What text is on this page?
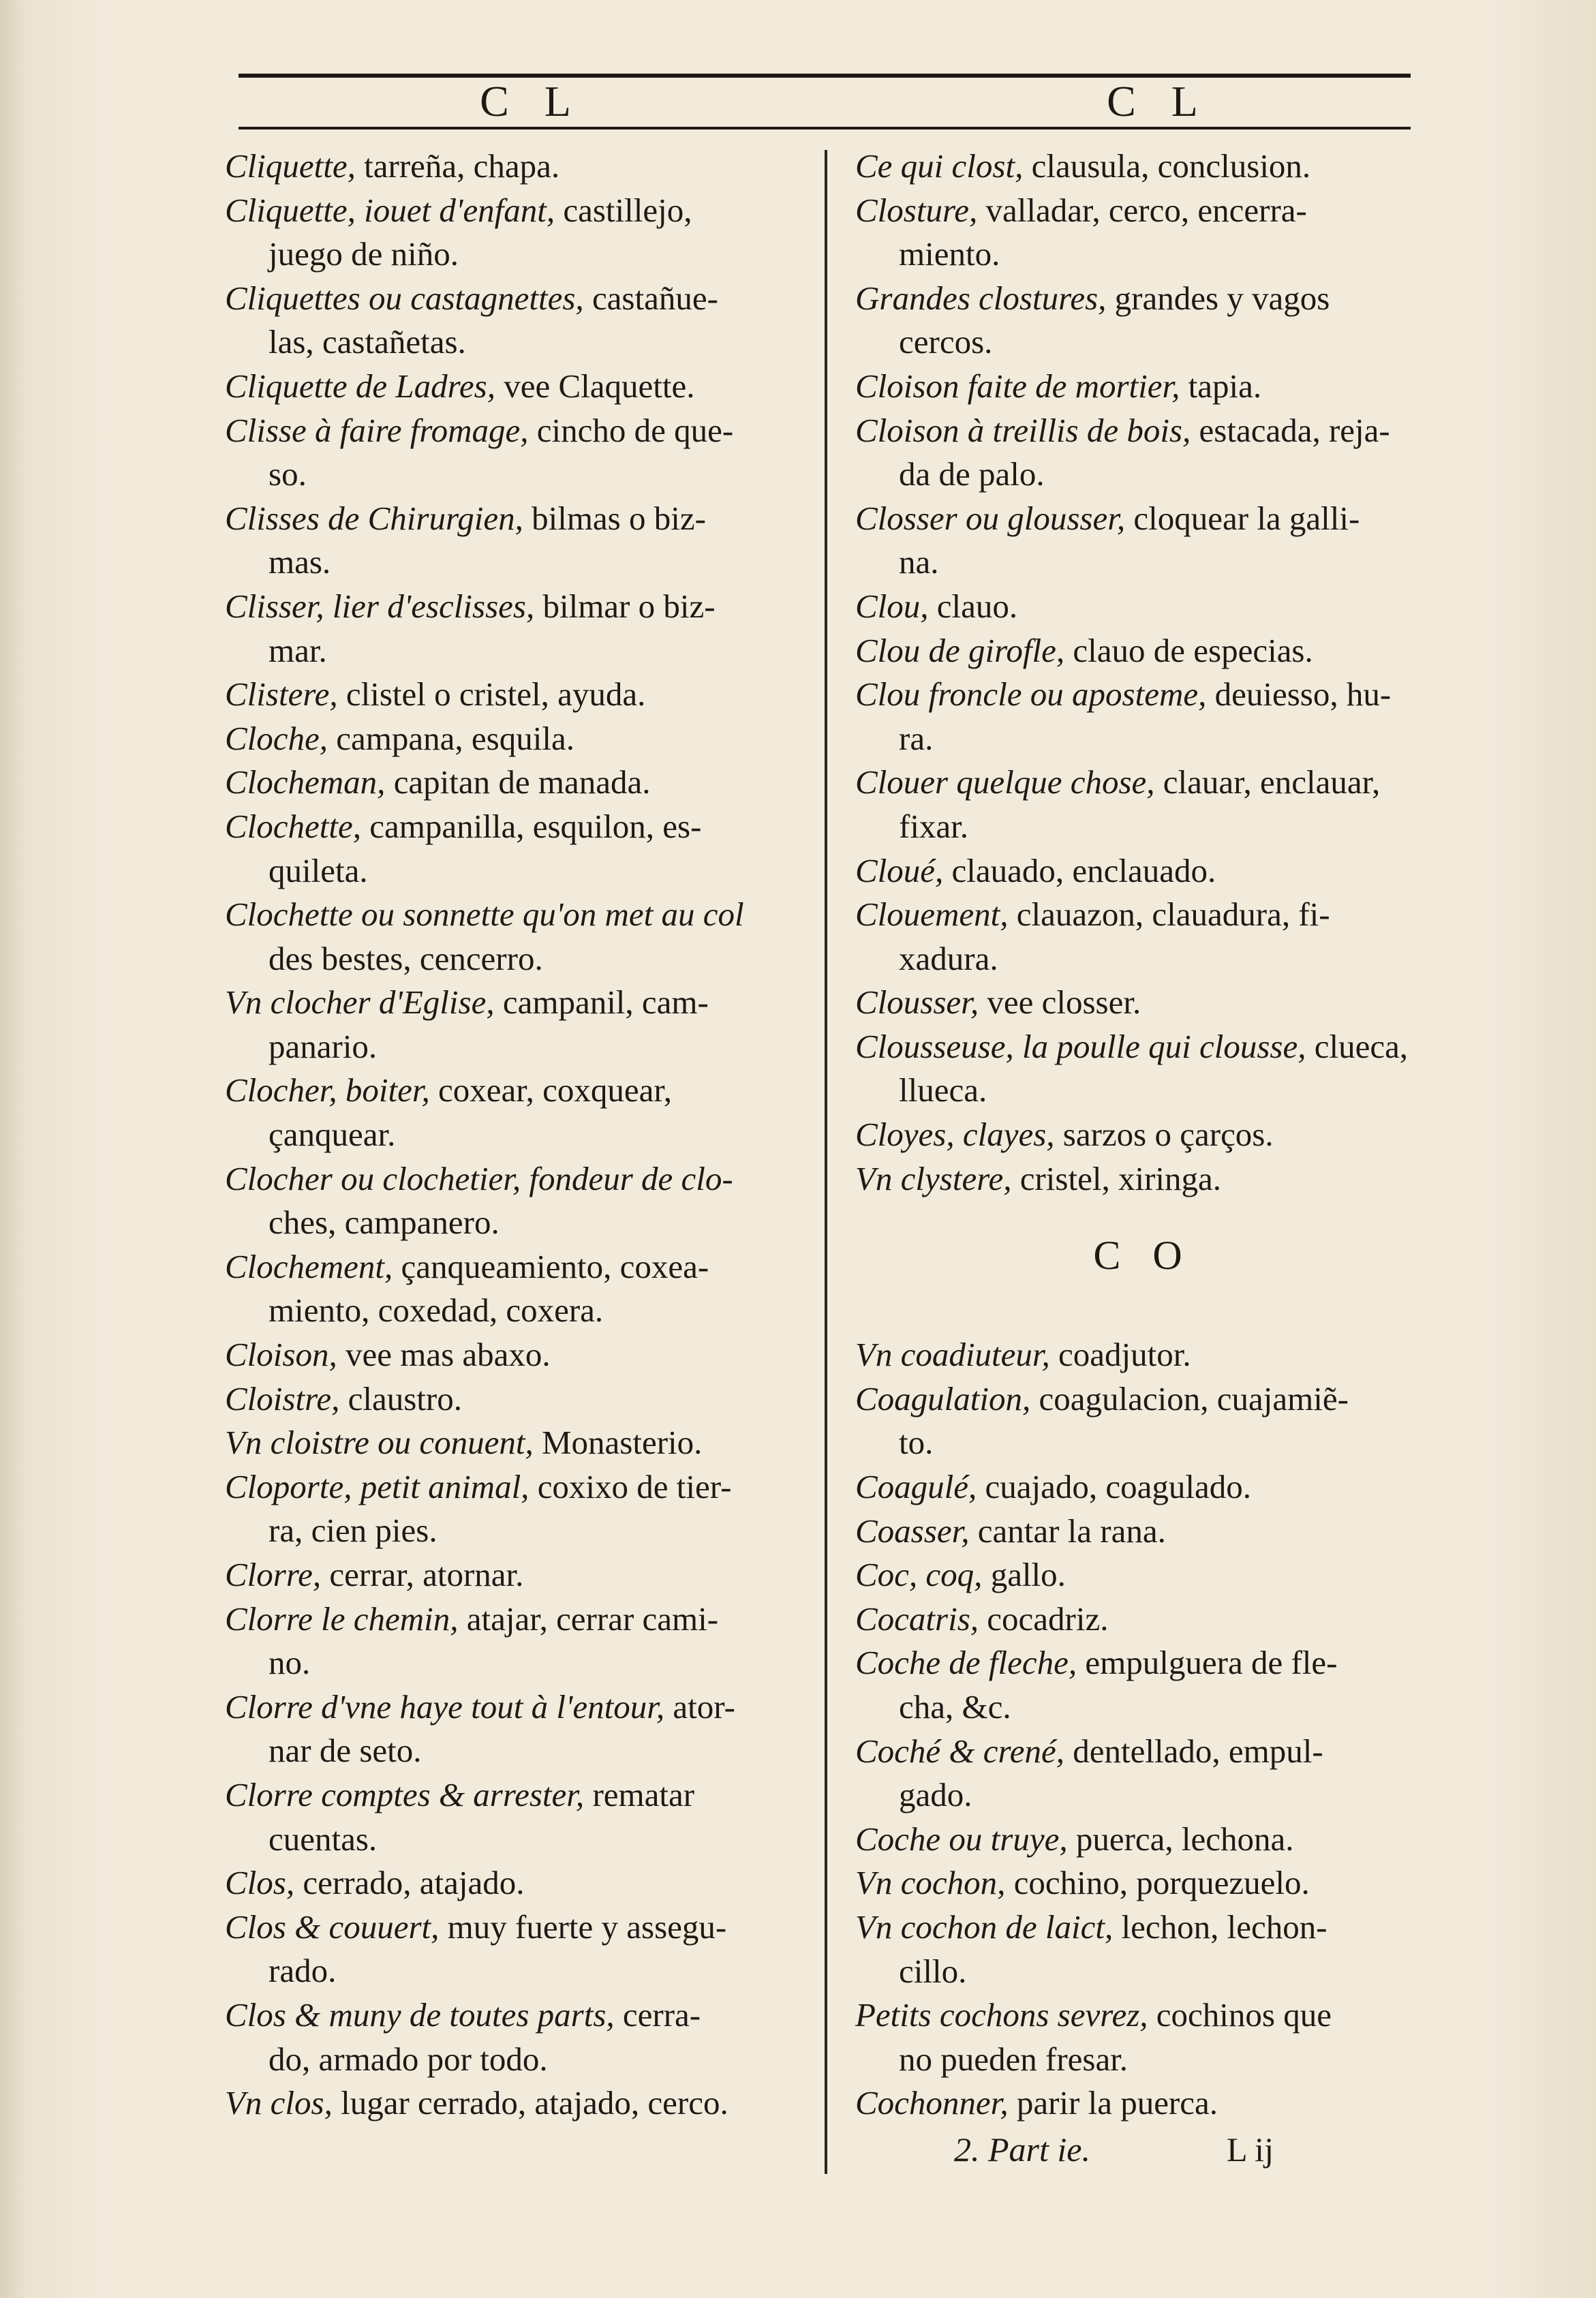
C L	C L
Cliquette, tarreña, chapa.
Cliquette, iouet d'enfant, castillejo,
juego de niño.
Cliquettes ou castagnettes, castañue-
las, castañetas.
Cliquette de Ladres, vee Claquette.
Clisse à faire fromage, cincho de que-
so.
Clisses de Chirurgien, bilmas o biz-
mas.
Clisser, lier d'esclisses, bilmar o biz-
mar.
Clistere, clistel o cristel, ayuda.
Cloche, campana, esquila.
Clocheman, capitan de manada.
Clochette, campanilla, esquilon, es-
quileta.
Clochette ou sonnette qu'on met au col
des bestes, cencerro.
Vn clocher d'Eglise, campanil, cam-
panario.
Clocher, boiter, coxear, coxquear,
çanquear.
Clocher ou clochetier, fondeur de clo-
ches, campanero.
Clochement, çanqueamiento, coxea-
miento, coxedad, coxera.
Cloison, vee mas abaxo.
Cloistre, claustro.
Vn cloistre ou conuent, Monasterio.
Cloporte, petit animal, coxixo de tier-
ra, cien pies.
Clorre, cerrar, atornar.
Clorre le chemin, atajar, cerrar cami-
no.
Clorre d'vne haye tout à l'entour, ator-
nar de seto.
Clorre comptes & arrester, rematar
cuentas.
Clos, cerrado, atajado.
Clos & couuert, muy fuerte y assegu-
rado.
Clos & muny de toutes parts, cerra-
do, armado por todo.
Vn clos, lugar cerrado, atajado, cerco.
Ce qui clost, clausula, conclusion.
Closture, valladar, cerco, encerra-
miento.
Grandes clostures, grandes y vagos
cercos.
Cloison faite de mortier, tapia.
Cloison à treillis de bois, estacada, reja-
da de palo.
Closser ou glousser, cloquear la galli-
na.
Clou, clauo.
Clou de girofle, clauo de especias.
Clou froncle ou aposteme, deuiesso, hu-
ra.
Clouer quelque chose, clauar, enclauar,
fixar.
Cloué, clauado, enclauado.
Clouement, clauazon, clauadura, fi-
xadura.
Clousser, vee closser.
Clousseuse, la poulle qui clousse, clueca,
llueca.
Cloyes, clayes, sarzos o çarços.
Vn clystere, cristel, xiringa.
C O
Vn coadiuteur, coadjutor.
Coagulation, coagulacion, cuajamiẽ-
to.
Coagulé, cuajado, coagulado.
Coasser, cantar la rana.
Coc, coq, gallo.
Cocatris, cocadriz.
Coche de fleche, empulguera de fle-
cha, &c.
Coché & crené, dentellado, empul-
gado.
Coche ou truye, puerca, lechona.
Vn cochon, cochino, porquezuelo.
Vn cochon de laict, lechon, lechon-
cillo.
Petits cochons sevrez, cochinos que
no pueden fresar.
Cochonner, parir la puerca.
2. Part ie.	L ij
